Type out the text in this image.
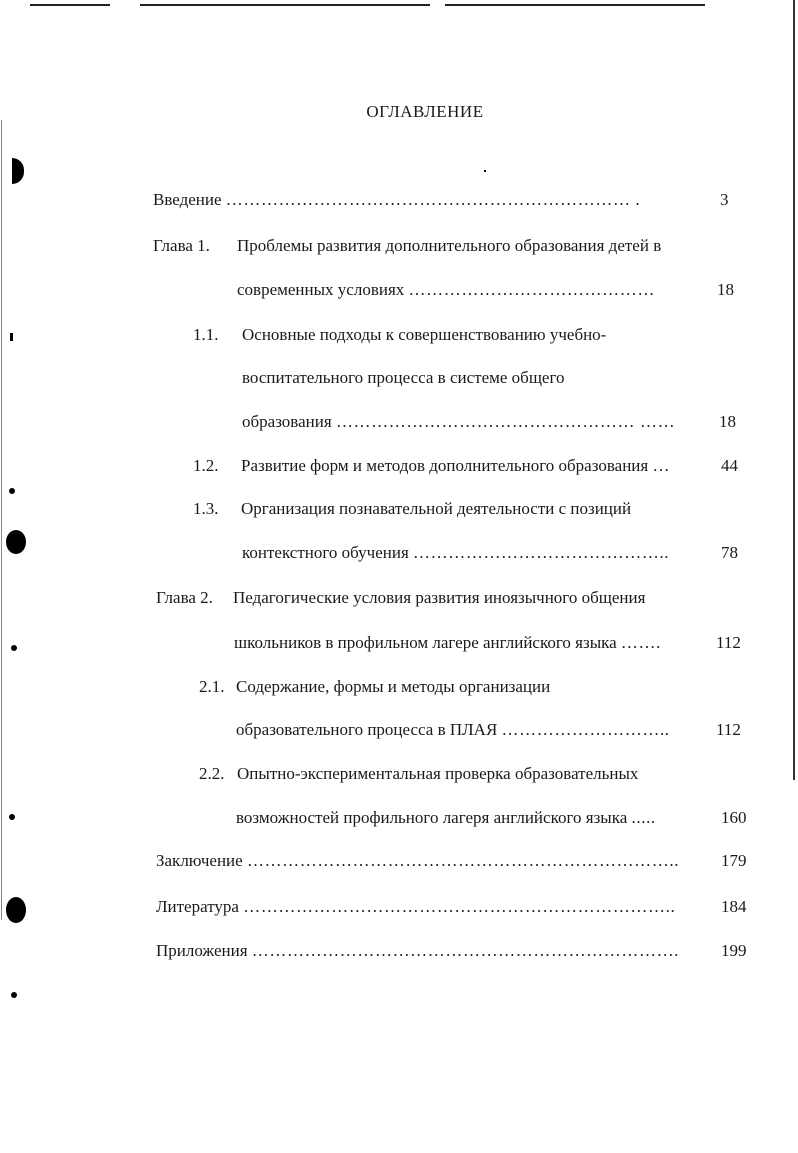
ОГЛАВЛЕНИЕ
Введение …………………………………………………………… .	3
Глава 1. Проблемы развития дополнительного образования детей в
современных условиях ……………………………………	18
1.1. Основные подходы к совершенствованию учебно-
воспитательного процесса в системе общего
образования …………………………………………… ……	18
1.2. Развитие форм и методов дополнительного образования …	44
1.3. Организация познавательной деятельности с позиций
контекстного обучения ……………………………………..	78
Глава 2. Педагогические условия развития иноязычного общения
школьников в профильном лагере английского языка …….	112
2.1. Содержание, формы и методы организации
образовательного процесса в ПЛАЯ ………………………..	112
2.2. Опытно-экспериментальная проверка образовательных
возможностей профильного лагеря английского языка .....	160
Заключение ……………………………………………………………….. 179
Литература ………………………………………………………………..	184
Приложения ………………………………………………………………. 199
